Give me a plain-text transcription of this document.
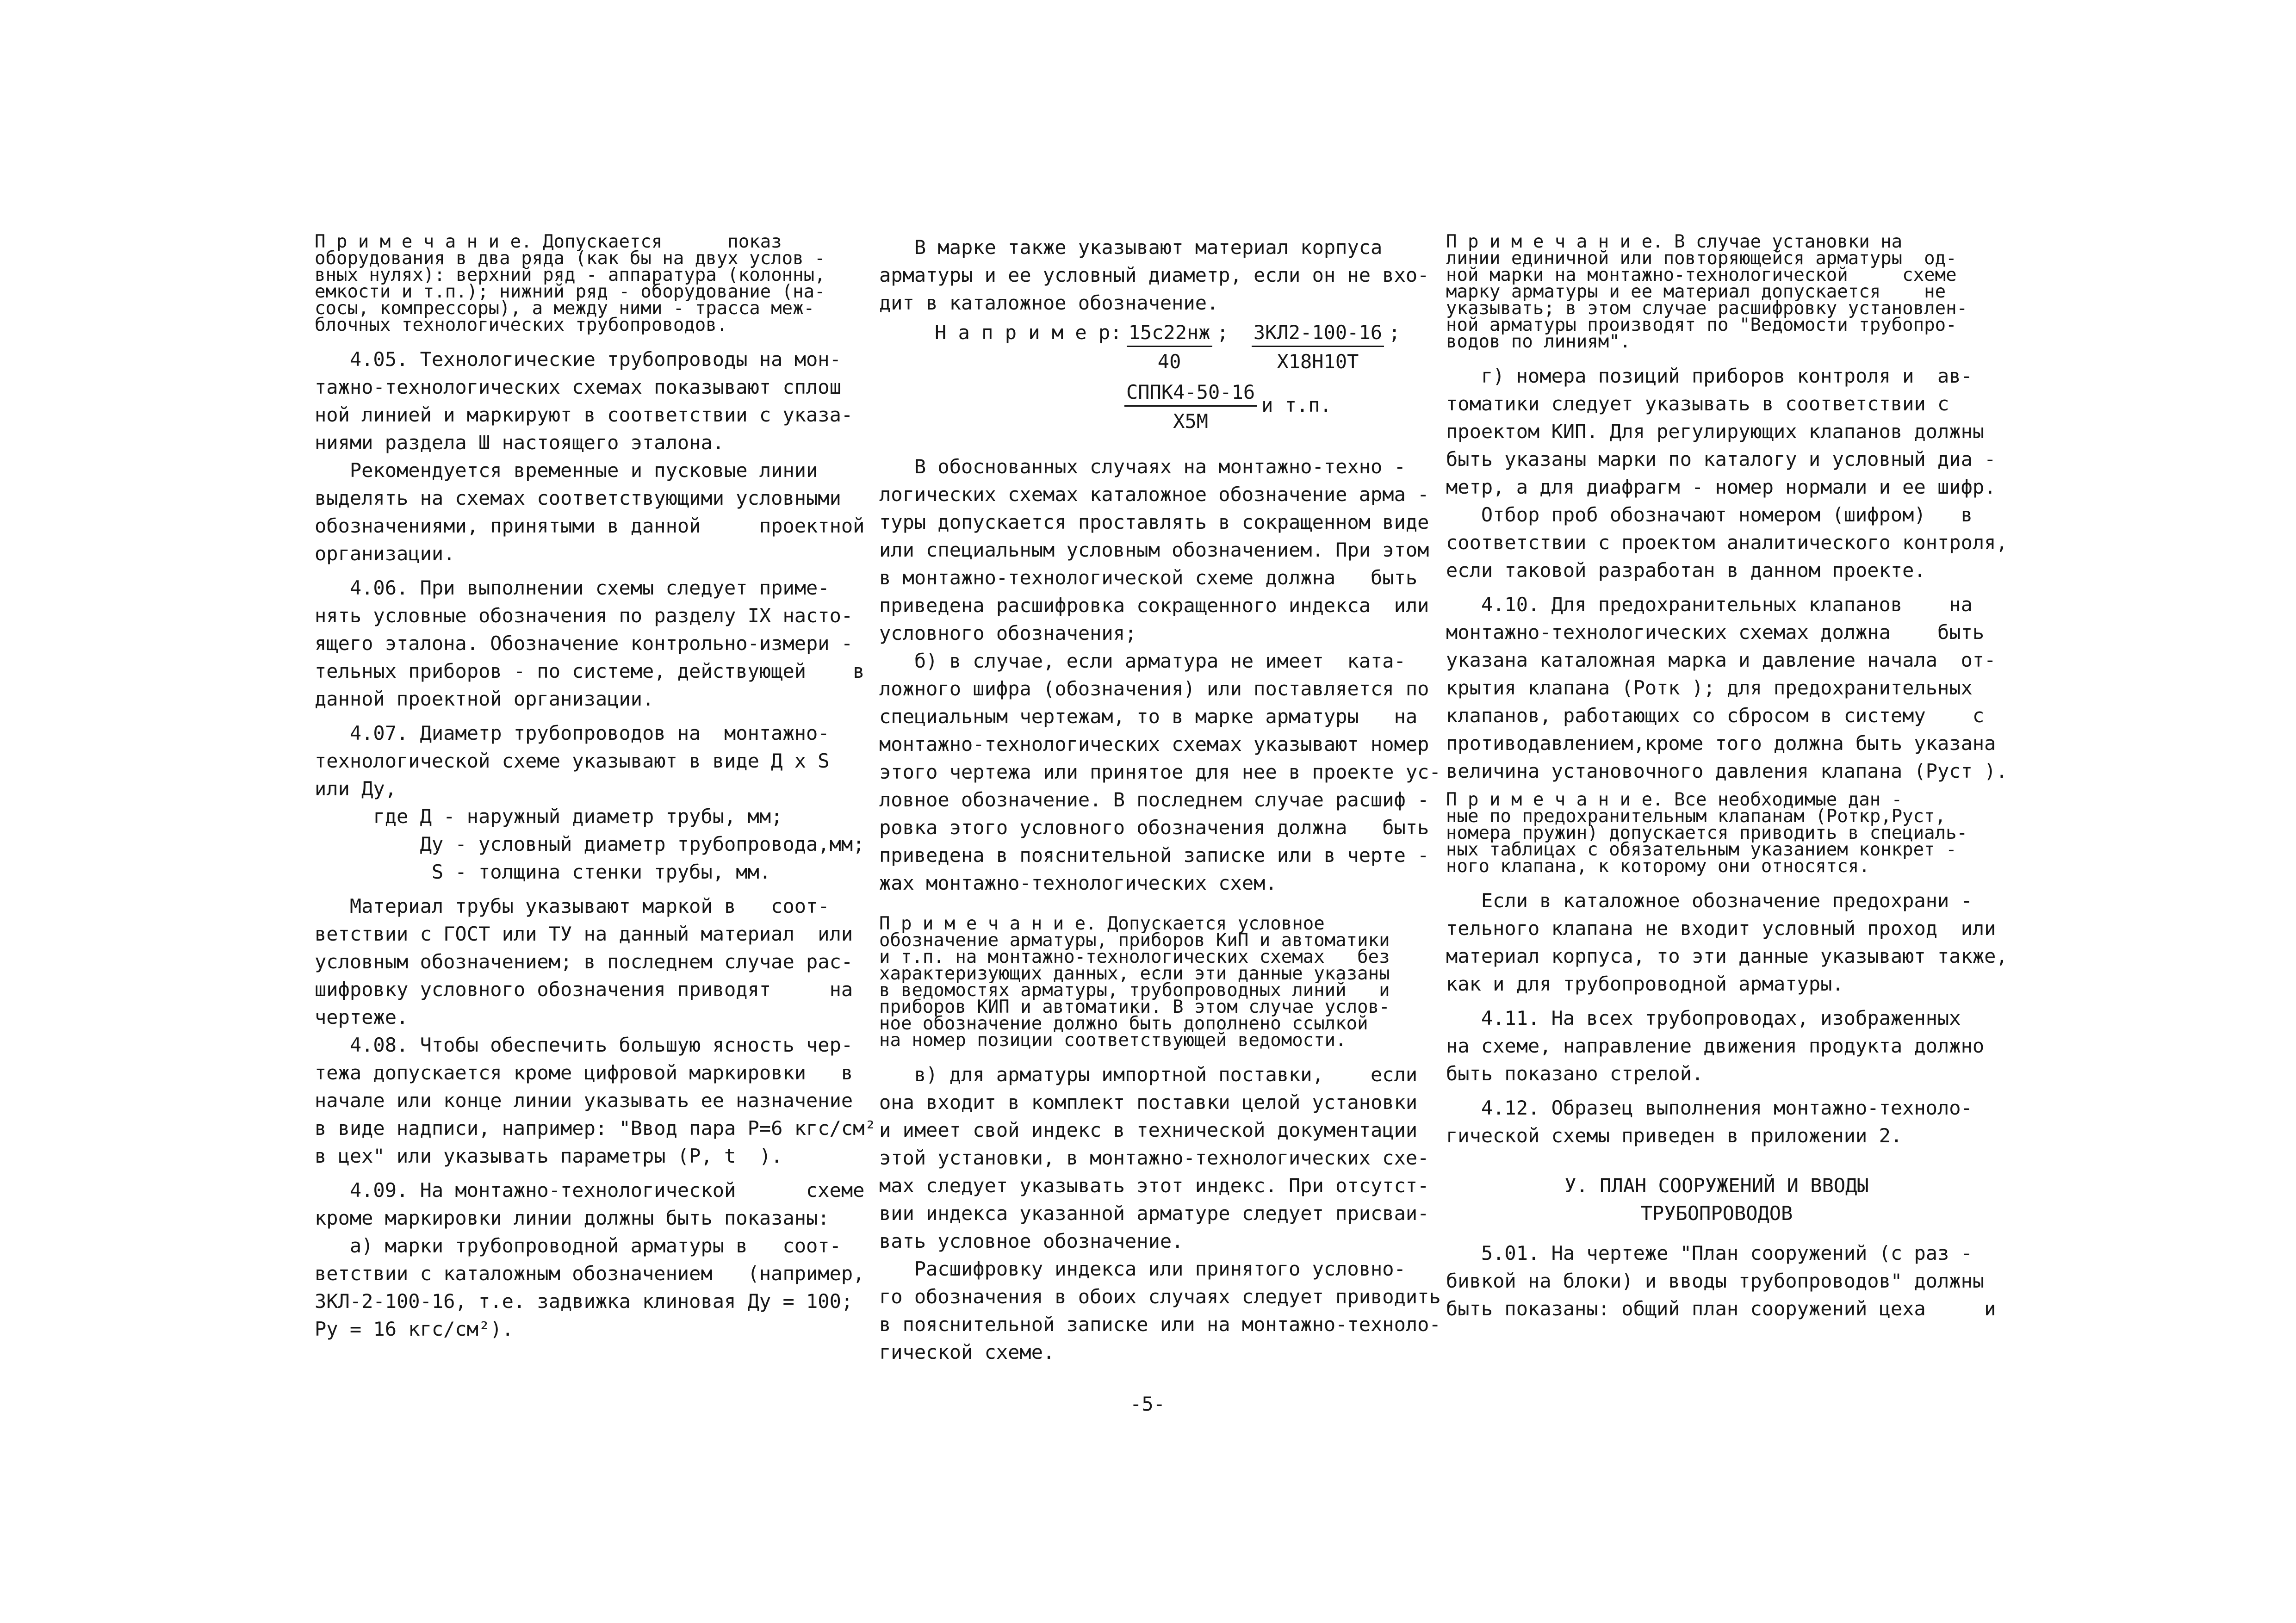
П р и м е ч а н и е. Допускается      показ

оборудования в два ряда (как бы на двух услов -

вных нулях): верхний ряд - аппаратура (колонны,

емкости и т.п.); нижний ряд - оборудование (на-

сосы, компрессоры), а между ними - трасса меж-

блочных технологических трубопроводов.

4.05. Технологические трубопроводы на мон-

тажно-технологических схемах показывают сплош

ной линией и маркируют в соответствии с указа-

ниями раздела Ш настоящего эталона.

Рекомендуется временные и пусковые линии

выделять на схемах соответствующими условными

обозначениями, принятыми в данной     проектной

организации.

4.06. При выполнении схемы следует приме-

нять условные обозначения по разделу IX насто-

ящего эталона. Обозначение контрольно-измери -

тельных приборов - по системе, действующей    в

данной проектной организации.

4.07. Диаметр трубопроводов на  монтажно-

технологической схеме указывают в виде Д х S

или Ду,

где Д - наружный диаметр трубы, мм;

Ду - условный диаметр трубопровода,мм;

S - толщина стенки трубы, мм.

Материал трубы указывают маркой в   соот-

ветствии с ГОСТ или ТУ на данный материал  или

условным обозначением; в последнем случае рас-

шифровку условного обозначения приводят     на

чертеже.

4.08. Чтобы обеспечить большую ясность чер-

тежа допускается кроме цифровой маркировки   в

начале или конце линии указывать ее назначение

в виде надписи, например: "Ввод пара Р=6 кгс/см²

в цех" или указывать параметры (Р, t  ).

4.09. На монтажно-технологической      схеме

кроме маркировки линии должны быть показаны:

а) марки трубопроводной арматуры в   соот-

ветствии с каталожным обозначением   (например,

ЗКЛ-2-100-16, т.е. задвижка клиновая Ду = 100;

Ру = 16 кгс/см²).

В марке также указывают материал корпуса

арматуры и ее условный диаметр, если он не вхо-

дит в каталожное обозначение.

Н а п р и м е р: $\frac{15с22нж}{40}$ ; $\frac{\text{ЗКЛ2-100-16}}{Х18Н10Т}$ ;
$\frac{\text{СППК4-50-16}}{Х5М}$ и т.п.

В обоснованных случаях на монтажно-техно -

логических схемах каталожное обозначение арма -

туры допускается проставлять в сокращенном виде

или специальным условным обозначением. При этом

в монтажно-технологической схеме должна   быть

приведена расшифровка сокращенного индекса  или

условного обозначения;

б) в случае, если арматура не имеет  ката-

ложного шифра (обозначения) или поставляется по

специальным чертежам, то в марке арматуры   на

монтажно-технологических схемах указывают номер

этого чертежа или принятое для нее в проекте ус-

ловное обозначение. В последнем случае расшиф -

ровка этого условного обозначения должна   быть

приведена в пояснительной записке или в черте -

жах монтажно-технологических схем.

П р и м е ч а н и е. Допускается условное

обозначение арматуры, приборов КиП и автоматики

и т.п. на монтажно-технологических схемах   без

характеризующих данных, если эти данные указаны

в ведомостях арматуры, трубопроводных линий   и

приборов КИП и автоматики. В этом случае услов-

ное обозначение должно быть дополнено ссылкой

на номер позиции соответствующей ведомости.

в) для арматуры импортной поставки,    если

она входит в комплект поставки целой установки

и имеет свой индекс в технической документации

этой установки, в монтажно-технологических схе-

мах следует указывать этот индекс. При отсутст-

вии индекса указанной арматуре следует присваи-

вать условное обозначение.

Расшифровку индекса или принятого условно-

го обозначения в обоих случаях следует приводить

в пояснительной записке или на монтажно-техноло-

гической схеме.

П р и м е ч а н и е. В случае установки на

линии единичной или повторяющейся арматуры  од-

ной марки на монтажно-технологической     схеме

марку арматуры и ее материал допускается    не

указывать; в этом случае расшифровку установлен-

ной арматуры производят по "Ведомости трубопро-

водов по линиям".

г) номера позиций приборов контроля и  ав-

томатики следует указывать в соответствии с

проектом КИП. Для регулирующих клапанов должны

быть указаны марки по каталогу и условный диа -

метр, а для диафрагм - номер нормали и ее шифр.

Отбор проб обозначают номером (шифром)   в

соответствии с проектом аналитического контроля,

если таковой разработан в данном проекте.

4.10. Для предохранительных клапанов    на

монтажно-технологических схемах должна    быть

указана каталожная марка и давление начала  от-

крытия клапана (Ротк ); для предохранительных

клапанов, работающих со сбросом в систему    с

противодавлением,кроме того должна быть указана

величина установочного давления клапана (Руст ).

П р и м е ч а н и е. Все необходимые дан -

ные по предохранительным клапанам (Роткр,Руст,

номера пружин) допускается приводить в специаль-

ных таблицах с обязательным указанием конкрет -

ного клапана, к которому они относятся.

Если в каталожное обозначение предохрани -

тельного клапана не входит условный проход  или

материал корпуса, то эти данные указывают также,

как и для трубопроводной арматуры.

4.11. На всех трубопроводах, изображенных

на схеме, направление движения продукта должно

быть показано стрелой.

4.12. Образец выполнения монтажно-техноло-

гической схемы приведен в приложении 2.

У. ПЛАН СООРУЖЕНИЙ И ВВОДЫ

ТРУБОПРОВОДОВ

5.01. На чертеже "План сооружений (с раз -

бивкой на блоки) и вводы трубопроводов" должны

быть показаны: общий план сооружений цеха     и

-5-
